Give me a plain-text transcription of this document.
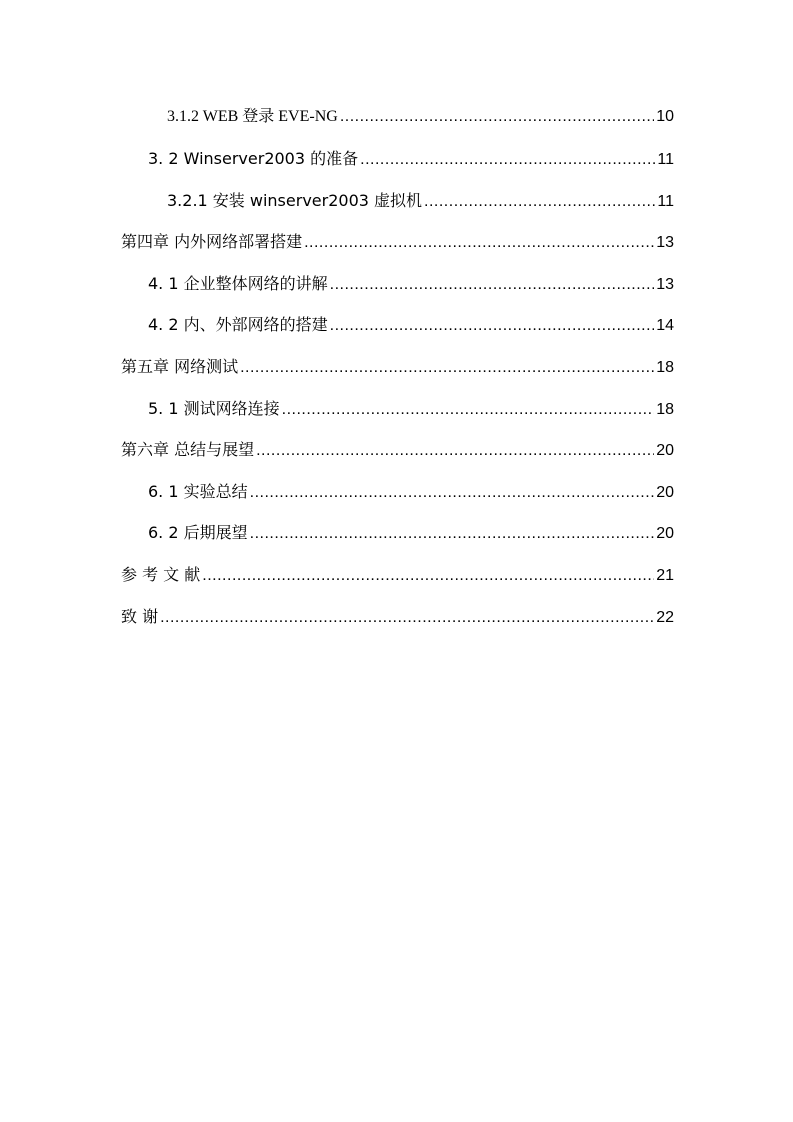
3.1.2 WEB 登录 EVE-NG .....	10
3. 2 Winserver2003 的准备 .....	11
3.2.1 安装 winserver2003 虚拟机 .....	11
第四章 内外网络部署搭建 .....	13
4. 1 企业整体网络的讲解 .....	13
4. 2 内、外部网络的搭建 .....	14
第五章 网络测试 .....	18
5. 1 测试网络连接 .....	18
第六章 总结与展望 .....	20
6. 1 实验总结 .....	20
6. 2 后期展望 .....	20
参 考 文 献 .....	21
致 谢 .....	22
